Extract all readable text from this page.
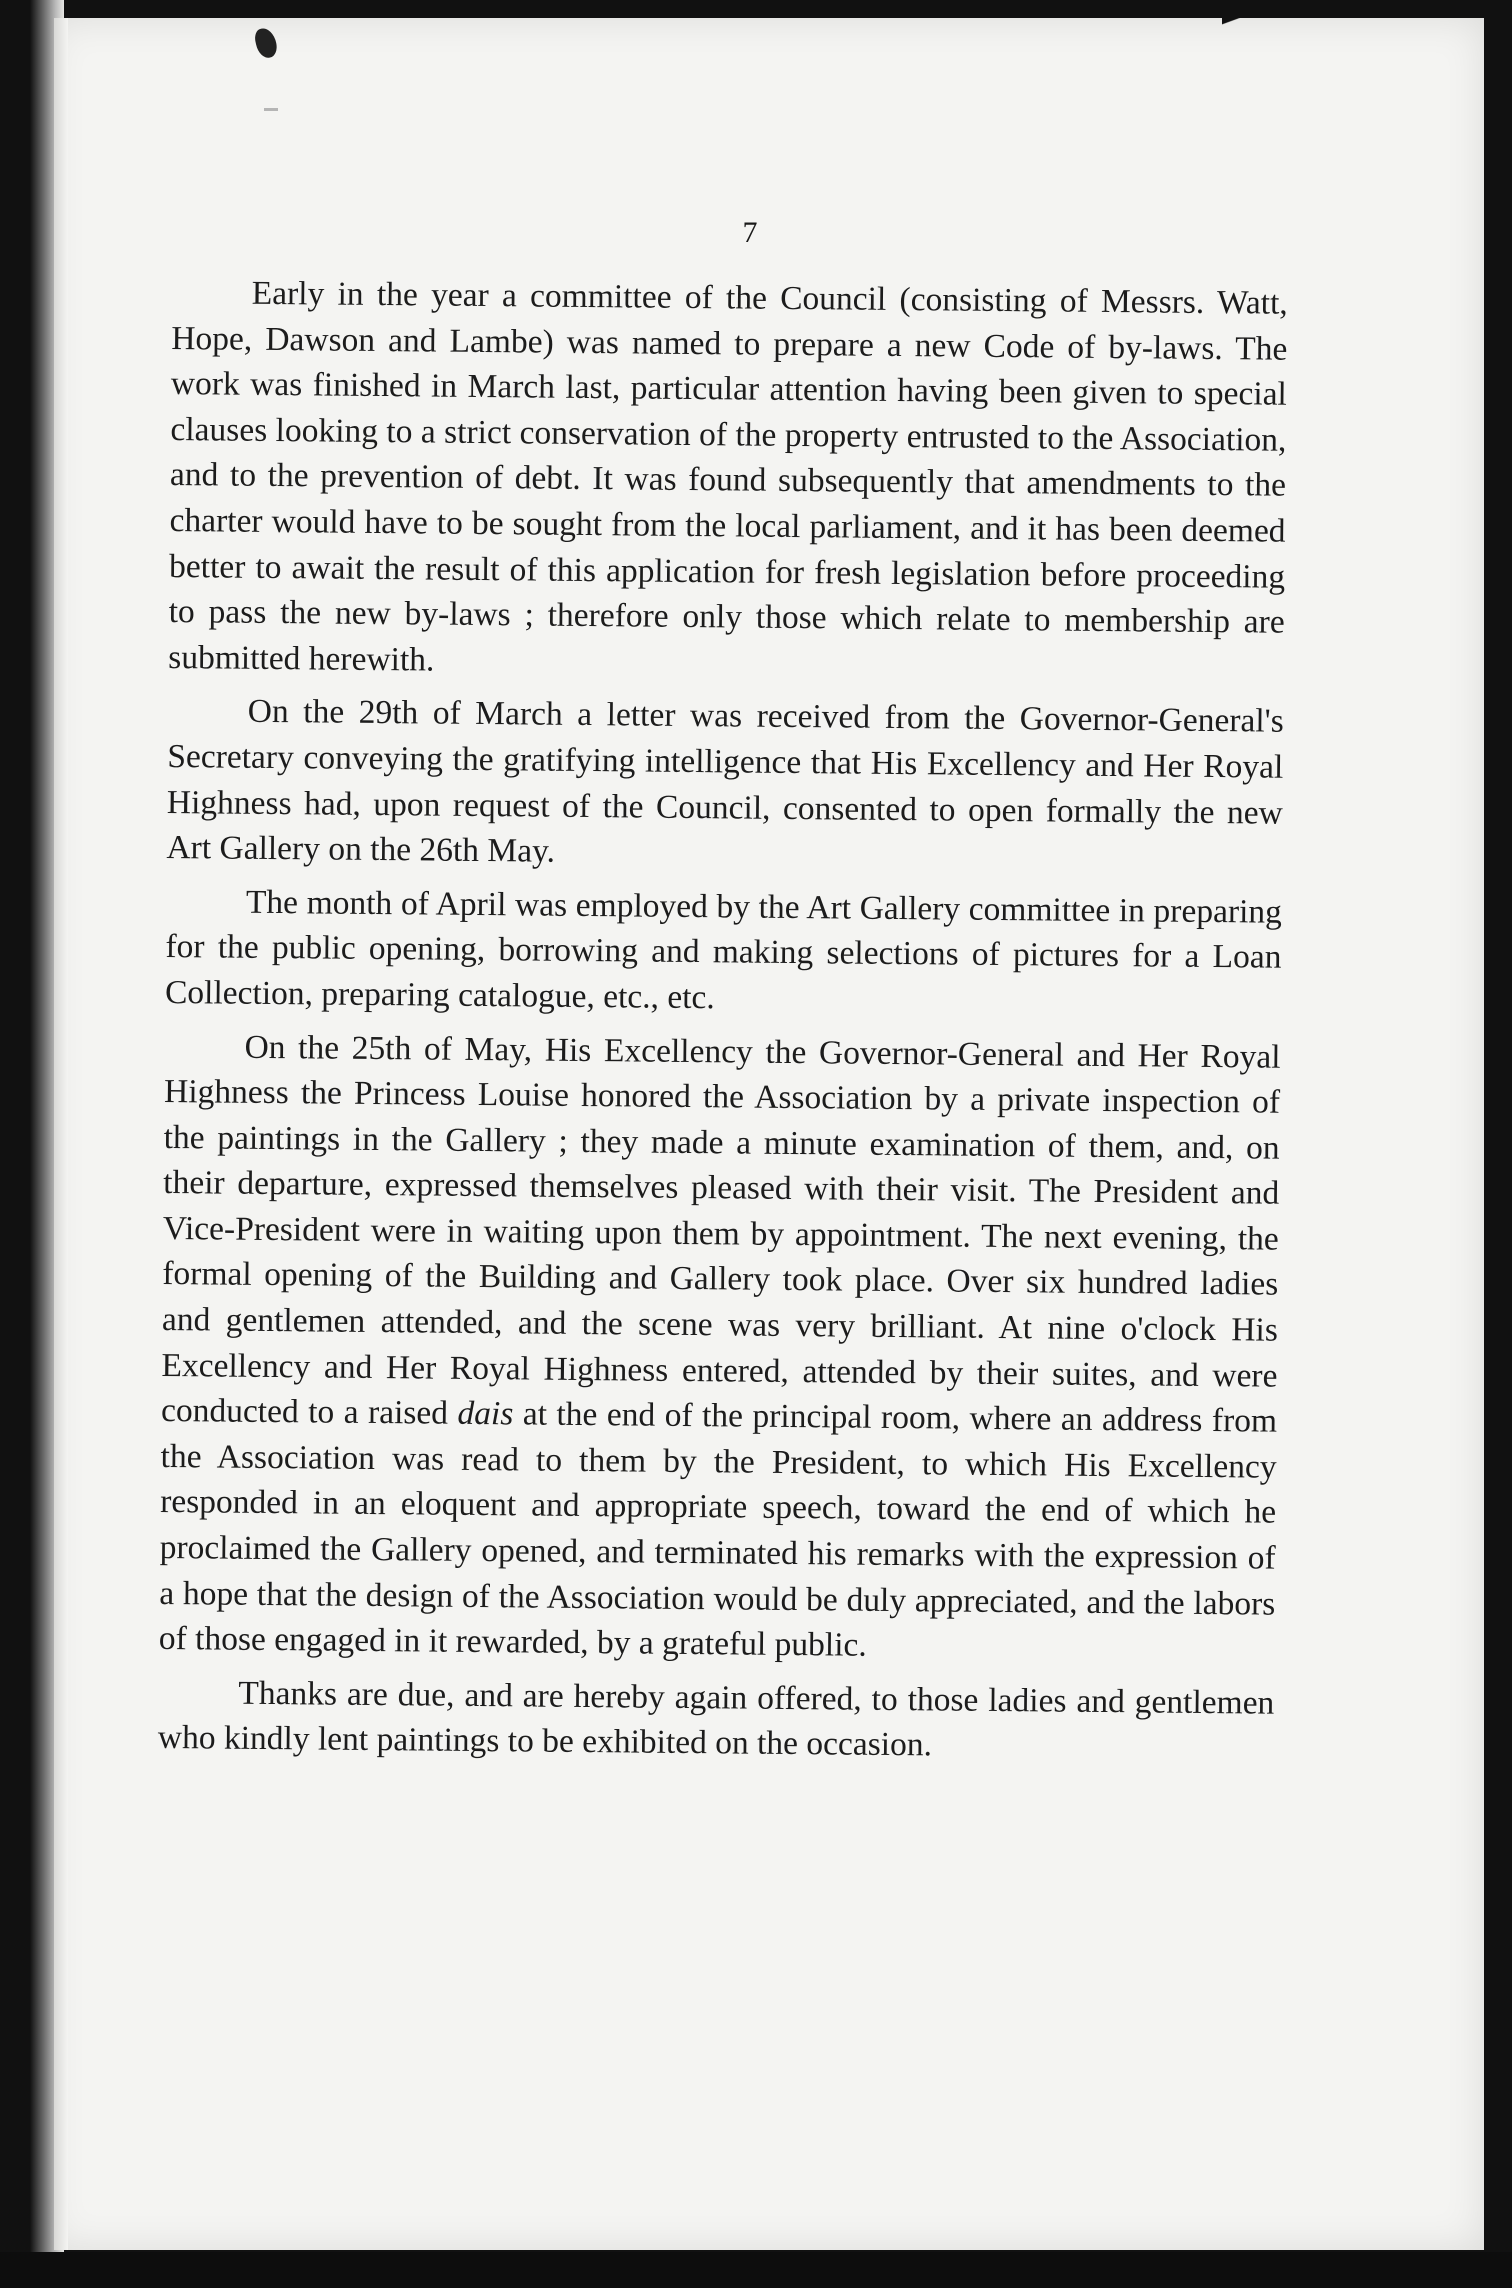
7

Early in the year a committee of the Council (consisting of Messrs. Watt, Hope, Dawson and Lambe) was named to prepare a new Code of by-laws. The work was finished in March last, particular attention having been given to special clauses looking to a strict conservation of the property entrusted to the Association, and to the prevention of debt. It was found subsequently that amendments to the charter would have to be sought from the local parliament, and it has been deemed better to await the result of this application for fresh legislation before proceeding to pass the new by-laws ; therefore only those which relate to membership are submitted herewith.

On the 29th of March a letter was received from the Governor-General's Secretary conveying the gratifying intelligence that His Excellency and Her Royal Highness had, upon request of the Council, consented to open formally the new Art Gallery on the 26th May.

The month of April was employed by the Art Gallery committee in preparing for the public opening, borrowing and making selections of pictures for a Loan Collection, preparing catalogue, etc., etc.

On the 25th of May, His Excellency the Governor-General and Her Royal Highness the Princess Louise honored the Association by a private inspection of the paintings in the Gallery ; they made a minute examination of them, and, on their departure, expressed themselves pleased with their visit. The President and Vice-President were in waiting upon them by appointment. The next evening, the formal opening of the Building and Gallery took place. Over six hundred ladies and gentlemen attended, and the scene was very brilliant. At nine o'clock His Excellency and Her Royal Highness entered, attended by their suites, and were conducted to a raised dais at the end of the principal room, where an address from the Association was read to them by the President, to which His Excellency responded in an eloquent and appropriate speech, toward the end of which he proclaimed the Gallery opened, and terminated his remarks with the expression of a hope that the design of the Association would be duly appreciated, and the labors of those engaged in it rewarded, by a grateful public.

Thanks are due, and are hereby again offered, to those ladies and gentlemen who kindly lent paintings to be exhibited on the occasion.
